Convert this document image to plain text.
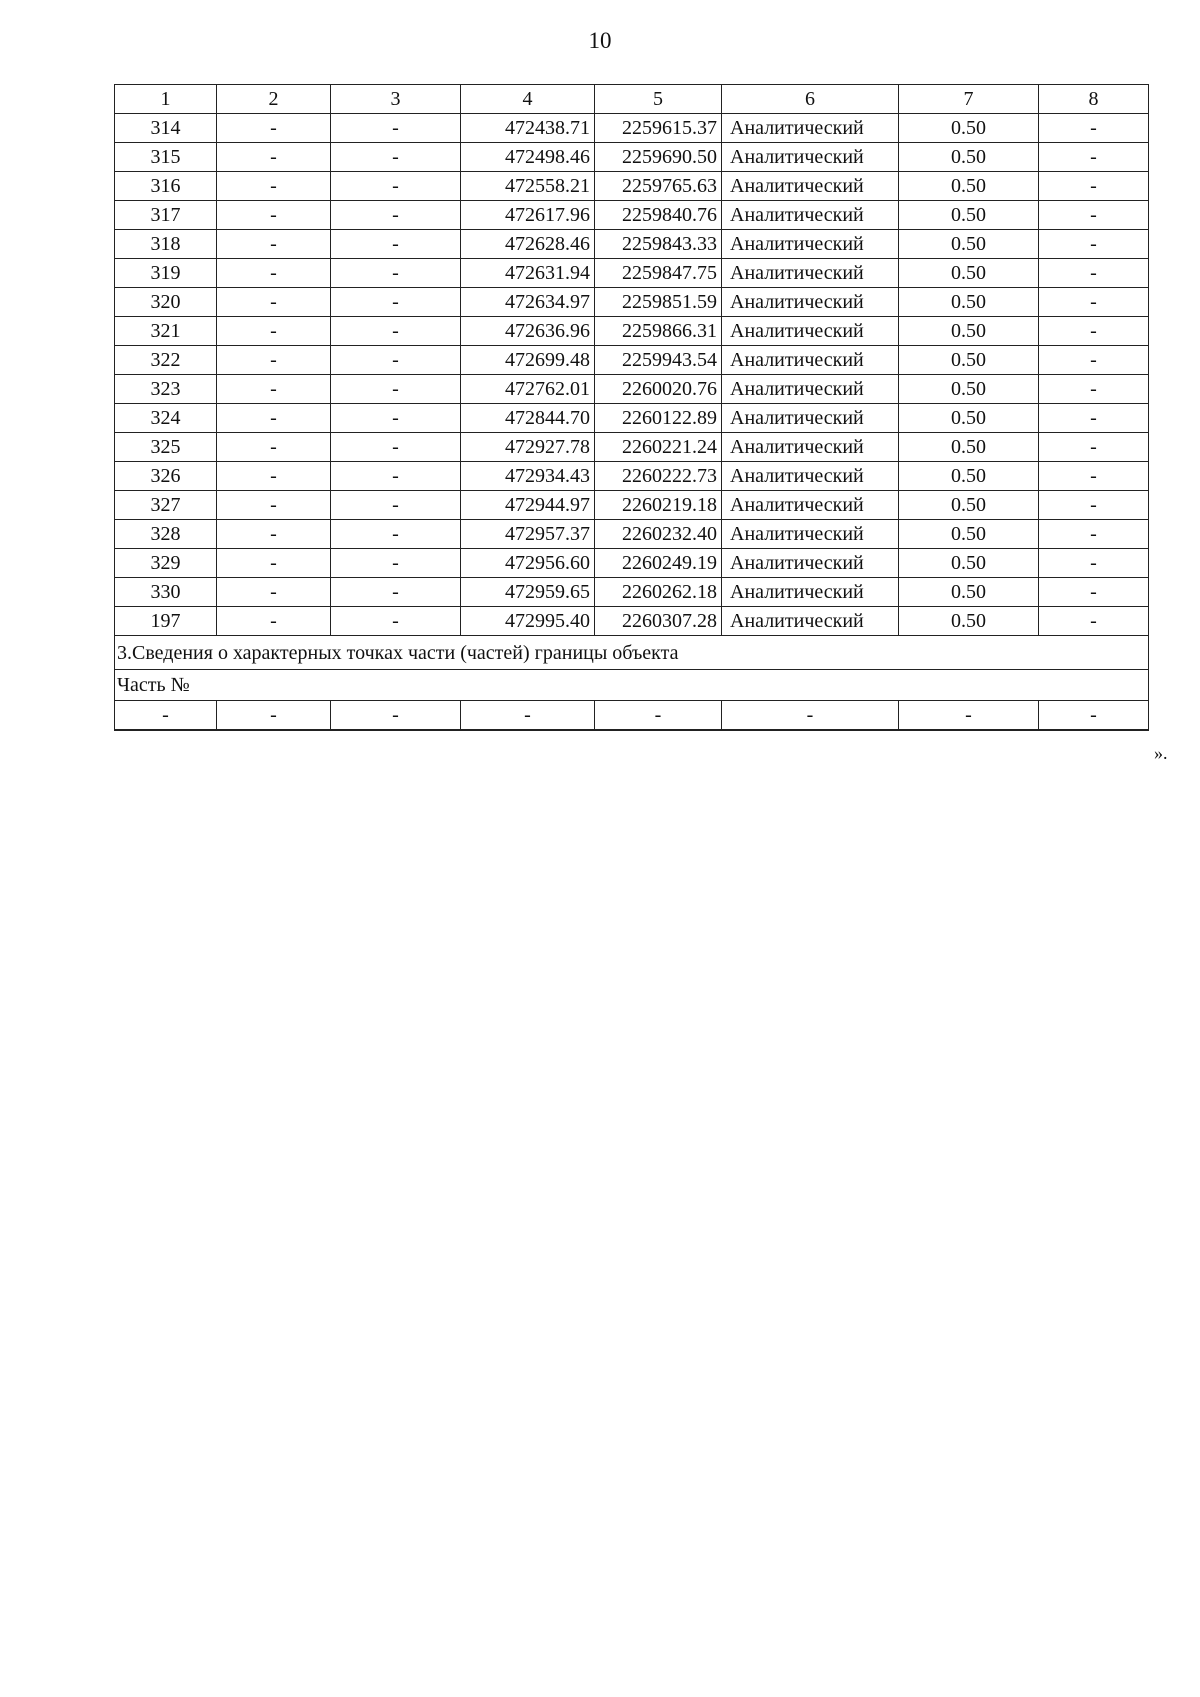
10
1	2	3	4	5	6	7	8
314	-	-	472438.71	2259615.37	Аналитический	0.50	-
315	-	-	472498.46	2259690.50	Аналитический	0.50	-
316	-	-	472558.21	2259765.63	Аналитический	0.50	-
317	-	-	472617.96	2259840.76	Аналитический	0.50	-
318	-	-	472628.46	2259843.33	Аналитический	0.50	-
319	-	-	472631.94	2259847.75	Аналитический	0.50	-
320	-	-	472634.97	2259851.59	Аналитический	0.50	-
321	-	-	472636.96	2259866.31	Аналитический	0.50	-
322	-	-	472699.48	2259943.54	Аналитический	0.50	-
323	-	-	472762.01	2260020.76	Аналитический	0.50	-
324	-	-	472844.70	2260122.89	Аналитический	0.50	-
325	-	-	472927.78	2260221.24	Аналитический	0.50	-
326	-	-	472934.43	2260222.73	Аналитический	0.50	-
327	-	-	472944.97	2260219.18	Аналитический	0.50	-
328	-	-	472957.37	2260232.40	Аналитический	0.50	-
329	-	-	472956.60	2260249.19	Аналитический	0.50	-
330	-	-	472959.65	2260262.18	Аналитический	0.50	-
197	-	-	472995.40	2260307.28	Аналитический	0.50	-
3.Сведения о характерных точках части (частей) границы объекта							
Часть №							
-	-	-	-	-	-	-	-
».
